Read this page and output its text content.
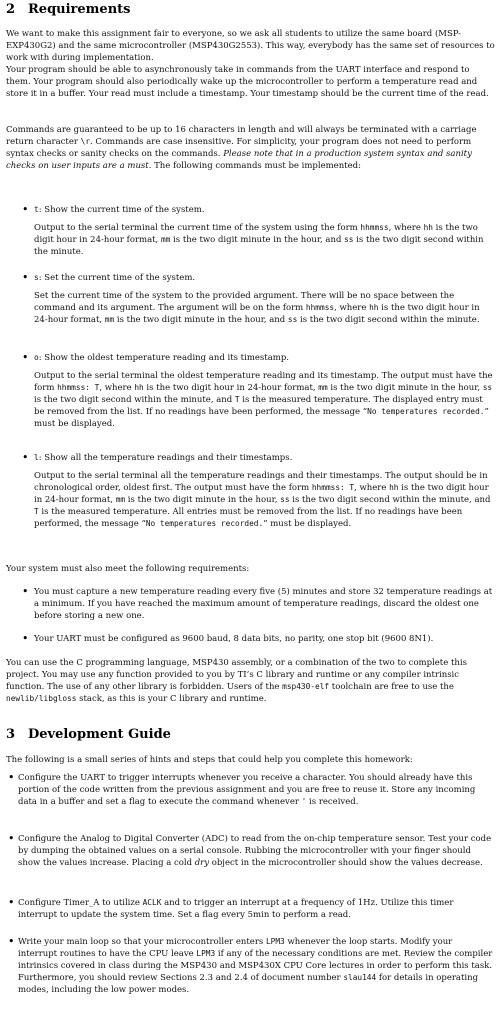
2 Requirements
We want to make this assignment fair to everyone, so we ask all students to utilize the same board (MSP-EXP430G2) and the same microcontroller (MSP430G2553). This way, everybody has the same set of resources to work with during implementation.
Your program should be able to asynchronously take in commands from the UART interface and respond to them. Your program should also periodically wake up the microcontroller to perform a temperature read and store it in a buffer. Your read must include a timestamp. Your timestamp should be the current time of the read.
Commands are guaranteed to be up to 16 characters in length and will always be terminated with a carriage return character \r. Commands are case insensitive. For simplicity, your program does not need to perform syntax checks or sanity checks on the commands. Please note that in a production system syntax and sanity checks on user inputs are a must. The following commands must be implemented:
• t: Show the current time of the system.
Output to the serial terminal the current time of the system using the form hhmmss, where hh is the two digit hour in 24-hour format, mm is the two digit minute in the hour, and ss is the two digit second within the minute.
• s: Set the current time of the system.
Set the current time of the system to the provided argument. There will be no space between the command and its argument. The argument will be on the form hhmmss, where hh is the two digit hour in 24-hour format, mm is the two digit minute in the hour, and ss is the two digit second within the minute.
• o: Show the oldest temperature reading and its timestamp.
Output to the serial terminal the oldest temperature reading and its timestamp. The output must have the form hhmmss: T, where hh is the two digit hour in 24-hour format, mm is the two digit minute in the hour, ss is the two digit second within the minute, and T is the measured temperature. The displayed entry must be removed from the list. If no readings have been performed, the message “No temperatures recorded.” must be displayed.
• l: Show all the temperature readings and their timestamps.
Output to the serial terminal all the temperature readings and their timestamps. The output should be in chronological order, oldest first. The output must have the form hhmmss: T, where hh is the two digit hour in 24-hour format, mm is the two digit minute in the hour, ss is the two digit second within the minute, and T is the measured temperature. All entries must be removed from the list. If no readings have been performed, the message “No temperatures recorded.” must be displayed.
Your system must also meet the following requirements:
• You must capture a new temperature reading every five (5) minutes and store 32 temperature readings at a minimum. If you have reached the maximum amount of temperature readings, discard the oldest one before storing a new one.
• Your UART must be configured as 9600 baud, 8 data bits, no parity, one stop bit (9600 8N1).
You can use the C programming language, MSP430 assembly, or a combination of the two to complete this project. You may use any function provided to you by TI’s C library and runtime or any compiler intrinsic function. The use of any other library is forbidden. Users of the msp430-elf toolchain are free to use the newlib/libgloss stack, as this is your C library and runtime.
3 Development Guide
The following is a small series of hints and steps that could help you complete this homework:
• Configure the UART to trigger interrupts whenever you receive a character. You should already have this portion of the code written from the previous assignment and you are free to reuse it. Store any incoming data in a buffer and set a flag to execute the command whenever ' is received.
• Configure the Analog to Digital Converter (ADC) to read from the on-chip temperature sensor. Test your code by dumping the obtained values on a serial console. Rubbing the microcontroller with your finger should show the values increase. Placing a cold dry object in the microcontroller should show the values decrease.
• Configure Timer_A to utilize ACLK and to trigger an interrupt at a frequency of 1Hz. Utilize this timer interrupt to update the system time. Set a flag every 5min to perform a read.
• Write your main loop so that your microcontroller enters LPM3 whenever the loop starts. Modify your interrupt routines to have the CPU leave LPM3 if any of the necessary conditions are met. Review the compiler intrinsics covered in class during the MSP430 and MSP430X CPU Core lectures in order to perform this task. Furthermore, you should review Sections 2.3 and 2.4 of document number slau144 for details in operating modes, including the low power modes.
